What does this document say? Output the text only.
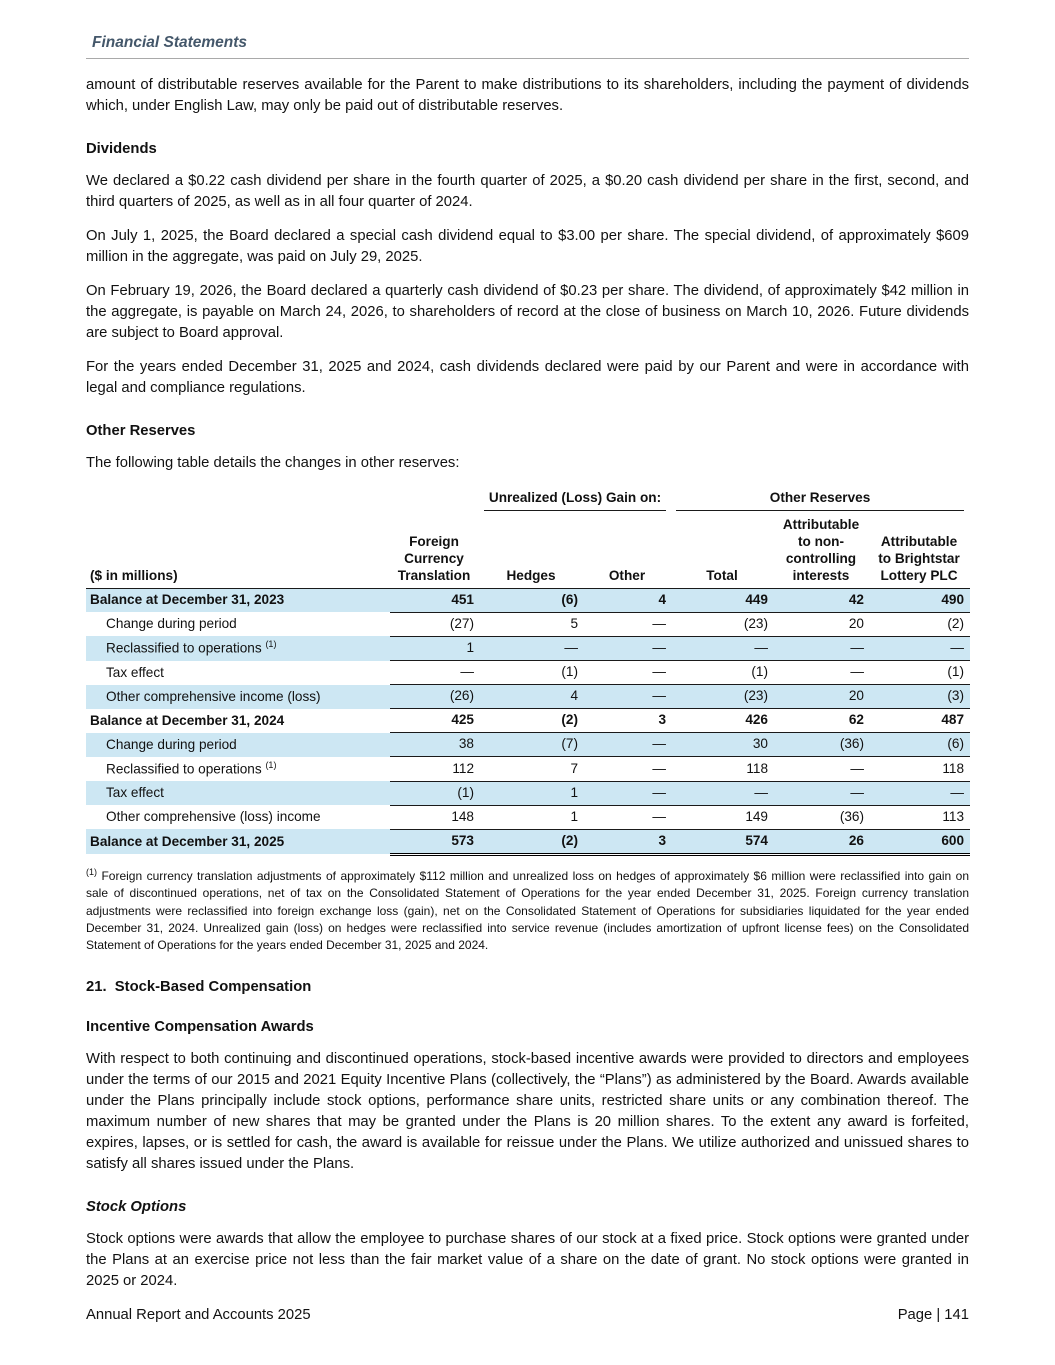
Financial Statements

amount of distributable reserves available for the Parent to make distributions to its shareholders, including the payment of dividends which, under English Law, may only be paid out of distributable reserves.

Dividends

We declared a $0.22 cash dividend per share in the fourth quarter of 2025, a $0.20 cash dividend per share in the first, second, and third quarters of 2025, as well as in all four quarter of 2024.

On July 1, 2025, the Board declared a special cash dividend equal to $3.00 per share. The special dividend, of approximately $609 million in the aggregate, was paid on July 29, 2025.

On February 19, 2026, the Board declared a quarterly cash dividend of $0.23 per share. The dividend, of approximately $42 million in the aggregate, is payable on March 24, 2026, to shareholders of record at the close of business on March 10, 2026. Future dividends are subject to Board approval.

For the years ended December 31, 2025 and 2024, cash dividends declared were paid by our Parent and were in accordance with legal and compliance regulations.

Other Reserves

The following table details the changes in other reserves:

		Unrealized (Loss) Gain on:		Other Reserves		

($ in millions)	Foreign Currency Translation	Hedges	Other	Total	Attributable to non-controlling interests	Attributable to Brightstar Lottery PLC
Balance at December 31, 2023	451	(6)	4	449	42	490
Change during period	(27)	5	—	(23)	20	(2)
Reclassified to operations $^{(1)}$	1	—	—	—	—	—
Tax effect	—	(1)	—	(1)	—	(1)
Other comprehensive income (loss)	(26)	4	—	(23)	20	(3)
Balance at December 31, 2024	425	(2)	3	426	62	487
Change during period	38	(7)	—	30	(36)	(6)
Reclassified to operations $^{(1)}$	112	7	—	118	—	118
Tax effect	(1)	1	—	—	—	—
Other comprehensive (loss) income	148	1	—	149	(36)	113
Balance at December 31, 2025	573	(2)	3	574	26	600

$^{(1)}$ Foreign currency translation adjustments of approximately $112 million and unrealized loss on hedges of approximately $6 million were reclassified into gain on sale of discontinued operations, net of tax on the Consolidated Statement of Operations for the year ended December 31, 2025. Foreign currency translation adjustments were reclassified into foreign exchange loss (gain), net on the Consolidated Statement of Operations for subsidiaries liquidated for the year ended December 31, 2024. Unrealized gain (loss) on hedges were reclassified into service revenue (includes amortization of upfront license fees) on the Consolidated Statement of Operations for the years ended December 31, 2025 and 2024.

21.  Stock-Based Compensation
Incentive Compensation Awards

With respect to both continuing and discontinued operations, stock-based incentive awards were provided to directors and employees under the terms of our 2015 and 2021 Equity Incentive Plans (collectively, the “Plans”) as administered by the Board. Awards available under the Plans principally include stock options, performance share units, restricted share units or any combination thereof. The maximum number of new shares that may be granted under the Plans is 20 million shares. To the extent any award is forfeited, expires, lapses, or is settled for cash, the award is available for reissue under the Plans. We utilize authorized and unissued shares to satisfy all shares issued under the Plans.

Stock Options

Stock options were awards that allow the employee to purchase shares of our stock at a fixed price. Stock options were granted under the Plans at an exercise price not less than the fair market value of a share on the date of grant. No stock options were granted in 2025 or 2024.

Annual Report and Accounts 2025	Page | 141
